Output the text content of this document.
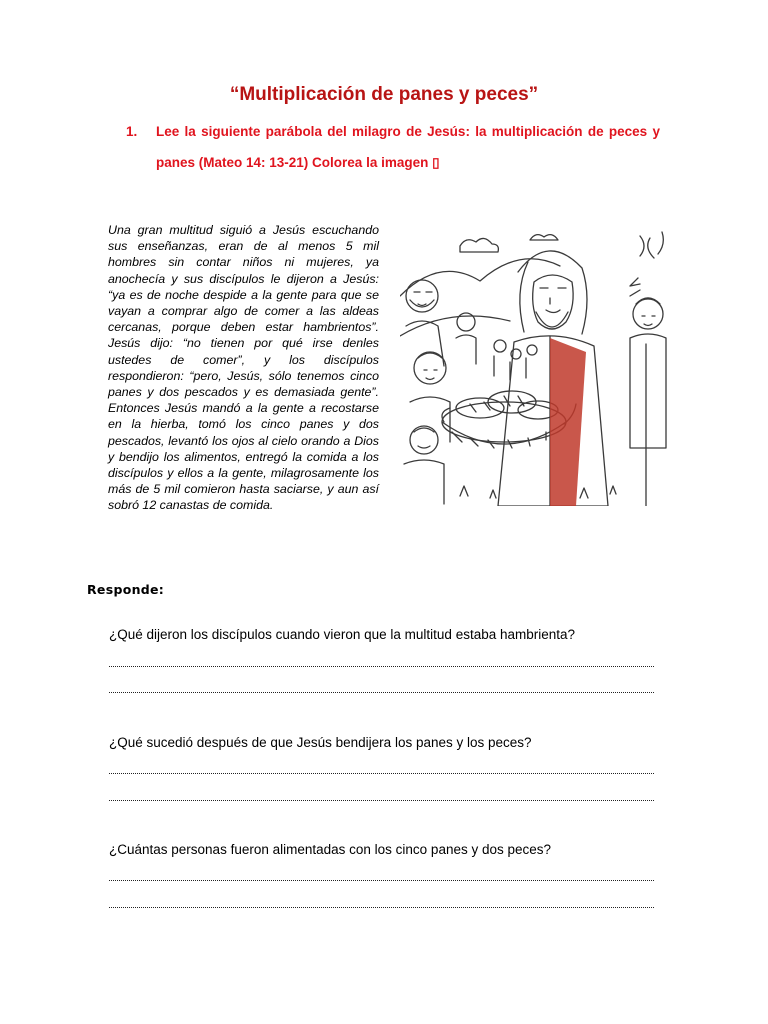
“Multiplicación de panes y peces”
1.	Lee la siguiente parábola del milagro de Jesús: la multiplicación de peces y panes (Mateo 14: 13-21) Colorea la imagen ▯

Una gran multitud siguió a Jesús escuchando sus enseñanzas, eran de al menos 5 mil hombres sin contar niños ni mujeres, ya anochecía y sus discípulos le dijeron a Jesús: “ya es de noche despide a la gente para que se vayan a comprar algo de comer a las aldeas cercanas, porque deben estar hambrientos”. Jesús dijo: “no tienen por qué irse denles ustedes de comer”, y los discípulos respondieron: “pero, Jesús, sólo tenemos cinco panes y dos pescados y es demasiada gente”. Entonces Jesús mandó a la gente a recostarse en la hierba, tomó los cinco panes y dos pescados, levantó los ojos al cielo orando a Dios y bendijo los alimentos, entregó la comida a los discípulos y ellos a la gente, milagrosamente los más de 5 mil comieron hasta saciarse, y aun así sobró 12 canastas de comida.

Responde:
¿Qué dijeron los discípulos cuando vieron que la multitud estaba hambrienta?
¿Qué sucedió después de que Jesús bendijera los panes y los peces?
¿Cuántas personas fueron alimentadas con los cinco panes y dos peces?
